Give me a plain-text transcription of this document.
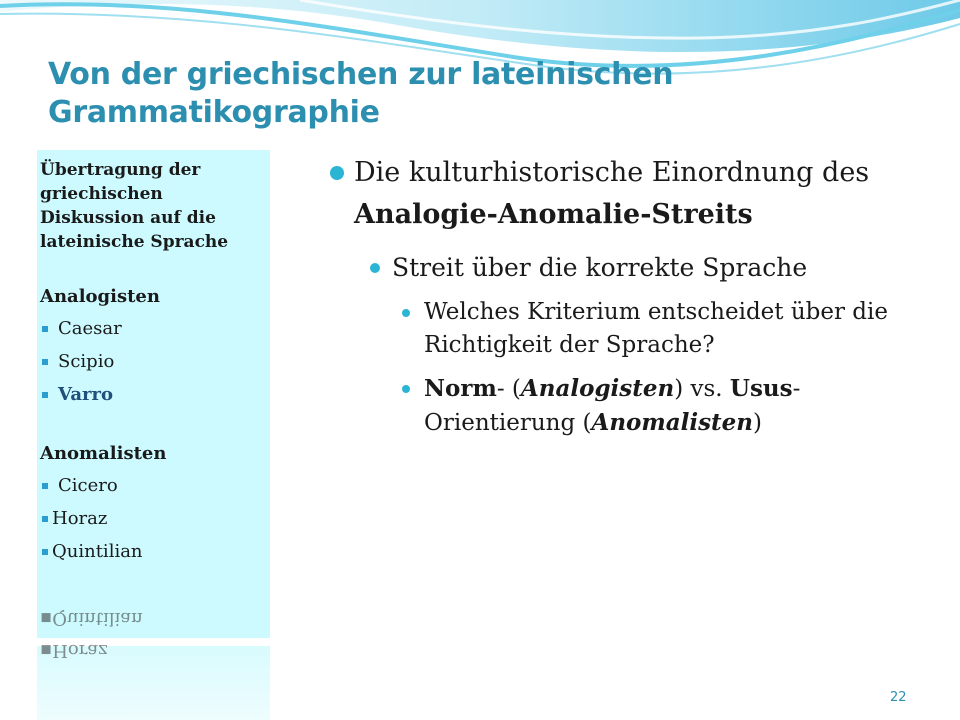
Von der griechischen zur lateinischen Grammatikographie
Übertragung der griechischen Diskussion auf die lateinische Sprache
Analogisten
Caesar
Scipio
Varro
Anomalisten
Cicero
Horaz
Quintilian
▪Horaz
▪Quintilian
Die kulturhistorische Einordnung des Analogie-Anomalie-Streits
Streit über die korrekte Sprache
Welches Kriterium entscheidet über die Richtigkeit der Sprache?
Norm- (Analogisten) vs. Usus-Orientierung (Anomalisten)
22
